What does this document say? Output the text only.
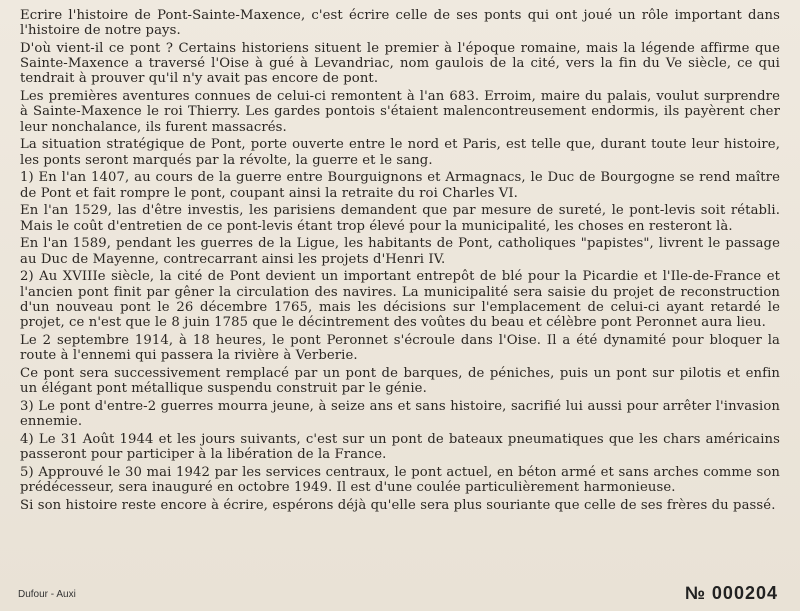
Ecrire l'histoire de Pont-Sainte-Maxence, c'est écrire celle de ses ponts qui ont joué un rôle important dans l'histoire de notre pays.

D'où vient-il ce pont ? Certains historiens situent le premier à l'époque romaine, mais la légende affirme que Sainte-Maxence a traversé l'Oise à gué à Levandriac, nom gaulois de la cité, vers la fin du Ve siècle, ce qui tendrait à prouver qu'il n'y avait pas encore de pont.

Les premières aventures connues de celui-ci remontent à l'an 683. Erroim, maire du palais, voulut surprendre à Sainte-Maxence le roi Thierry. Les gardes pontois s'étaient malencontreusement endormis, ils payèrent cher leur nonchalance, ils furent massacrés.

La situation stratégique de Pont, porte ouverte entre le nord et Paris, est telle que, durant toute leur histoire, les ponts seront marqués par la révolte, la guerre et le sang.

1) En l'an 1407, au cours de la guerre entre Bourguignons et Armagnacs, le Duc de Bourgogne se rend maître de Pont et fait rompre le pont, coupant ainsi la retraite du roi Charles VI.

En l'an 1529, las d'être investis, les parisiens demandent que par mesure de sureté, le pont-levis soit rétabli. Mais le coût d'entretien de ce pont-levis étant trop élevé pour la municipalité, les choses en resteront là.

En l'an 1589, pendant les guerres de la Ligue, les habitants de Pont, catholiques "papistes", livrent le passage au Duc de Mayenne, contrecarrant ainsi les projets d'Henri IV.

2) Au XVIIIe siècle, la cité de Pont devient un important entrepôt de blé pour la Picardie et l'Ile-de-France et l'ancien pont finit par gêner la circulation des navires. La municipalité sera saisie du projet de reconstruction d'un nouveau pont le 26 décembre 1765, mais les décisions sur l'emplacement de celui-ci ayant retardé le projet, ce n'est que le 8 juin 1785 que le décintrement des voûtes du beau et célèbre pont Peronnet aura lieu.

Le 2 septembre 1914, à 18 heures, le pont Peronnet s'écroule dans l'Oise. Il a été dynamité pour bloquer la route à l'ennemi qui passera la rivière à Verberie.

Ce pont sera successivement remplacé par un pont de barques, de péniches, puis un pont sur pilotis et enfin un élégant pont métallique suspendu construit par le génie.

3) Le pont d'entre-2 guerres mourra jeune, à seize ans et sans histoire, sacrifié lui aussi pour arrêter l'invasion ennemie.

4) Le 31 Août 1944 et les jours suivants, c'est sur un pont de bateaux pneumatiques que les chars américains passeront pour participer à la libération de la France.

5) Approuvé le 30 mai 1942 par les services centraux, le pont actuel, en béton armé et sans arches comme son prédécesseur, sera inauguré en octobre 1949. Il est d'une coulée particulièrement harmonieuse.

Si son histoire reste encore à écrire, espérons déjà qu'elle sera plus souriante que celle de ses frères du passé.

Dufour - Auxi	№ 000204
